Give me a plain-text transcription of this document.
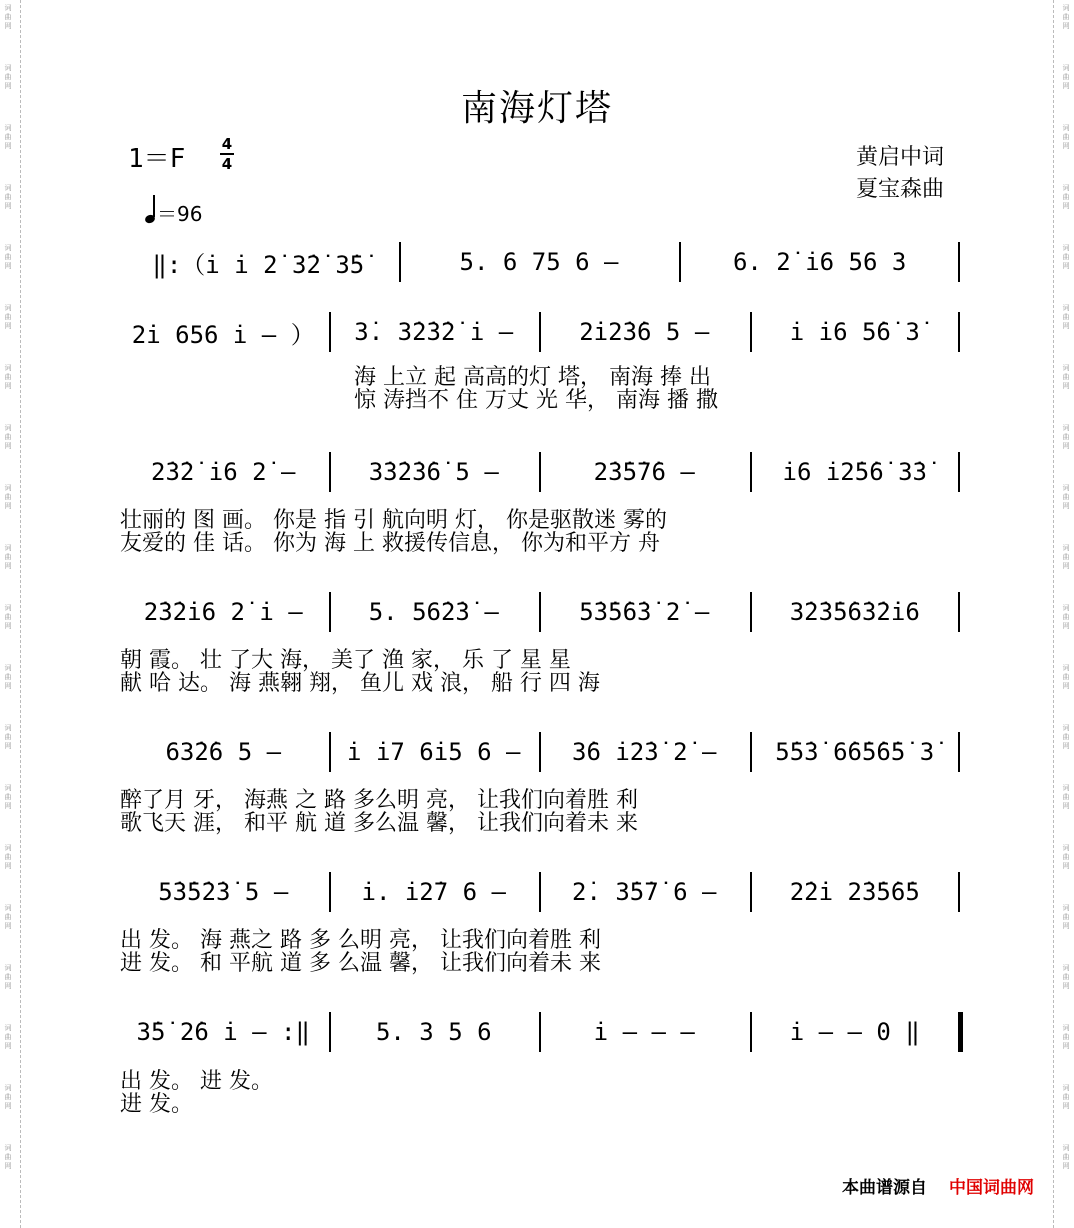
词
曲
网
词
曲
网
词
曲
网
词
曲
网
词
曲
网
词
曲
网
词
曲
网
词
曲
网
词
曲
网
词
曲
网
词
曲
网
词
曲
网
词
曲
网
词
曲
网
词
曲
网
词
曲
网
词
曲
网
词
曲
网
词
曲
网
词
曲
网
词
曲
网
词
曲
网
词
曲
网
词
曲
网
词
曲
网
词
曲
网
词
曲
网
词
曲
网
词
曲
网
词
曲
网
词
曲
网
词
曲
网
词
曲
网
词
曲
网
词
曲
网
词
曲
网
词
曲
网
词
曲
网
词
曲
网
词
曲
网
南海灯塔
1＝F 4
4	黄启中词
夏宝森曲
＝96
‖:（i̇ i̇ 2̇ 3̇2̇ 3̇5̇	5. 6 75 6 –	6. 2̇ i̇6 56 3
2̇i̇ 656 i̇ – ）	3̇. 3̇2̇3̇2̇ i̇ –	2̇i̇2̇3̇6 5 –	i̇ i̇6 5̇6̇ 3̇
海 上立 起 高高的灯 塔， 南海 捧 出
惊 涛挡不 住 万丈 光 华， 南海 播 撒
2̇3̇2̇ i̇6 2̇ –	3̇3̇2̇3̇6̇ 5 –	2̇3̇5̇7̇6 –	i̇6 i̇2̇5̇6̇ 3̇3̇
壮丽的 图 画。 你是 指 引 航向明 灯， 你是驱散迷 雾的
友爱的 佳 话。 你为 海 上 救援传信息， 你为和平方 舟
2̇3̇2̇i̇6 2̇ i̇ –	5. 56̇2̇3̇ –	5̇3̇5̇6̇3̇ 2̇ –	3̇2̇3̇5̇6̇3̇2̇i̇6
朝 霞。 壮 了大 海， 美了 渔 家， 乐 了 星 星
献 哈 达。 海 燕翱 翔， 鱼儿 戏 浪， 船 行 四 海
63̇2̇6 5 –	i̇ i̇7 6i̇5 6 –	3̇6 i̇2̇3̇ 2̇ –	5̇5̇3̇ 6̇6̇5̇6̇5̇ 3̇
醉了月 牙， 海燕 之 路 多么明 亮， 让我们向着胜 利
歌飞天 涯， 和平 航 道 多么温 馨， 让我们向着未 来
5̇3̇5̇2̇3̇ 5 –	i̇. i̇2̇7 6 –	2̇. 3̇5̇7̇ 6 –	2̇2̇i̇ 2̇3̇5̇6̇5
出 发。 海 燕之 路 多 么明 亮， 让我们向着胜 利
进 发。 和 平航 道 多 么温 馨， 让我们向着未 来
3̇5̇ 2̇6 i̇ – :‖	5. 3 5 6	i̇ – – –	i̇ – – 0 ‖
出 发。 进 发。
进 发。
本曲谱源自 中国词曲网
